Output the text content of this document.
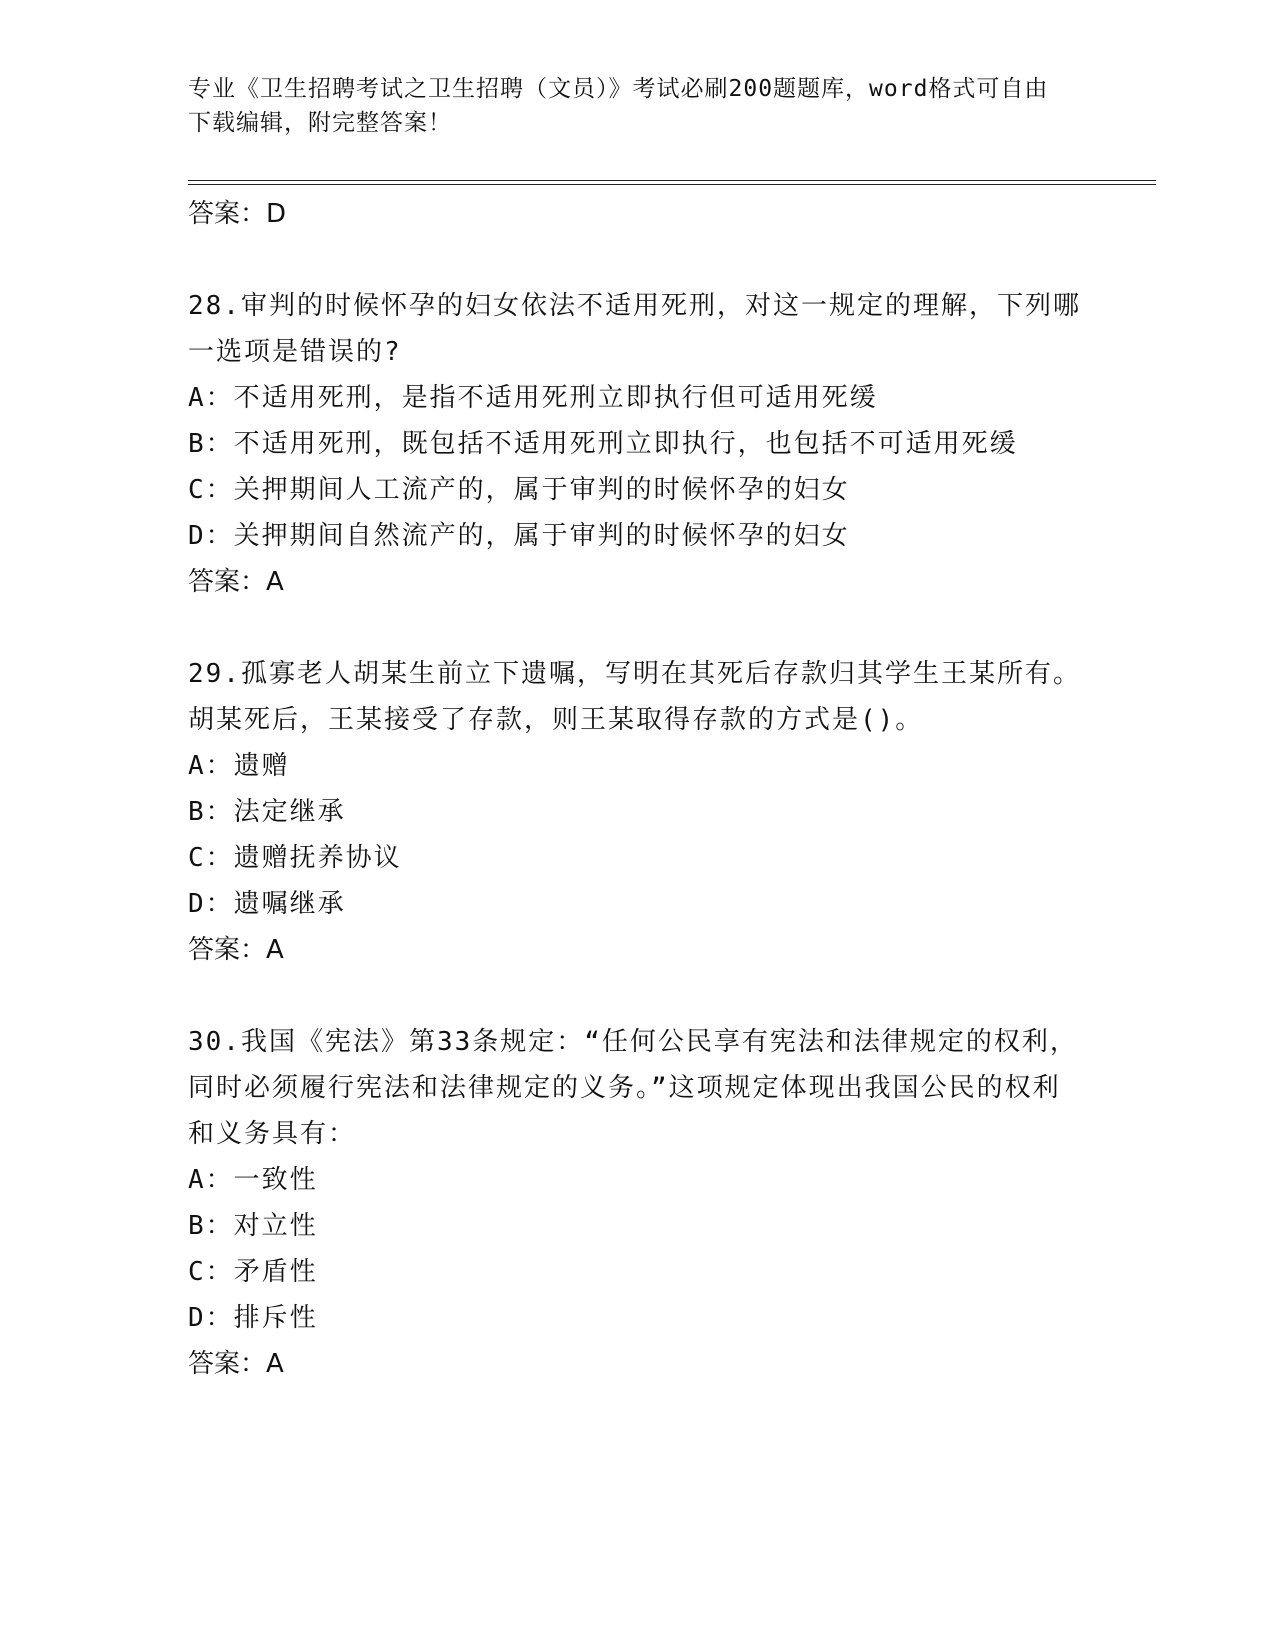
专业《卫生招聘考试之卫生招聘（文员）》考试必刷200题题库，word格式可自由下载编辑，附完整答案！
答案：D
28.审判的时候怀孕的妇女依法不适用死刑，对这一规定的理解，下列哪一选项是错误的?
A：不适用死刑，是指不适用死刑立即执行但可适用死缓
B：不适用死刑，既包括不适用死刑立即执行，也包括不可适用死缓
C：关押期间人工流产的，属于审判的时候怀孕的妇女
D：关押期间自然流产的，属于审判的时候怀孕的妇女
答案：A
29.孤寡老人胡某生前立下遗嘱，写明在其死后存款归其学生王某所有。胡某死后，王某接受了存款，则王某取得存款的方式是()。
A：遗赠
B：法定继承
C：遗赠抚养协议
D：遗嘱继承
答案：A
30.我国《宪法》第33条规定：“任何公民享有宪法和法律规定的权利，同时必须履行宪法和法律规定的义务。”这项规定体现出我国公民的权利和义务具有：
A：一致性
B：对立性
C：矛盾性
D：排斥性
答案：A
